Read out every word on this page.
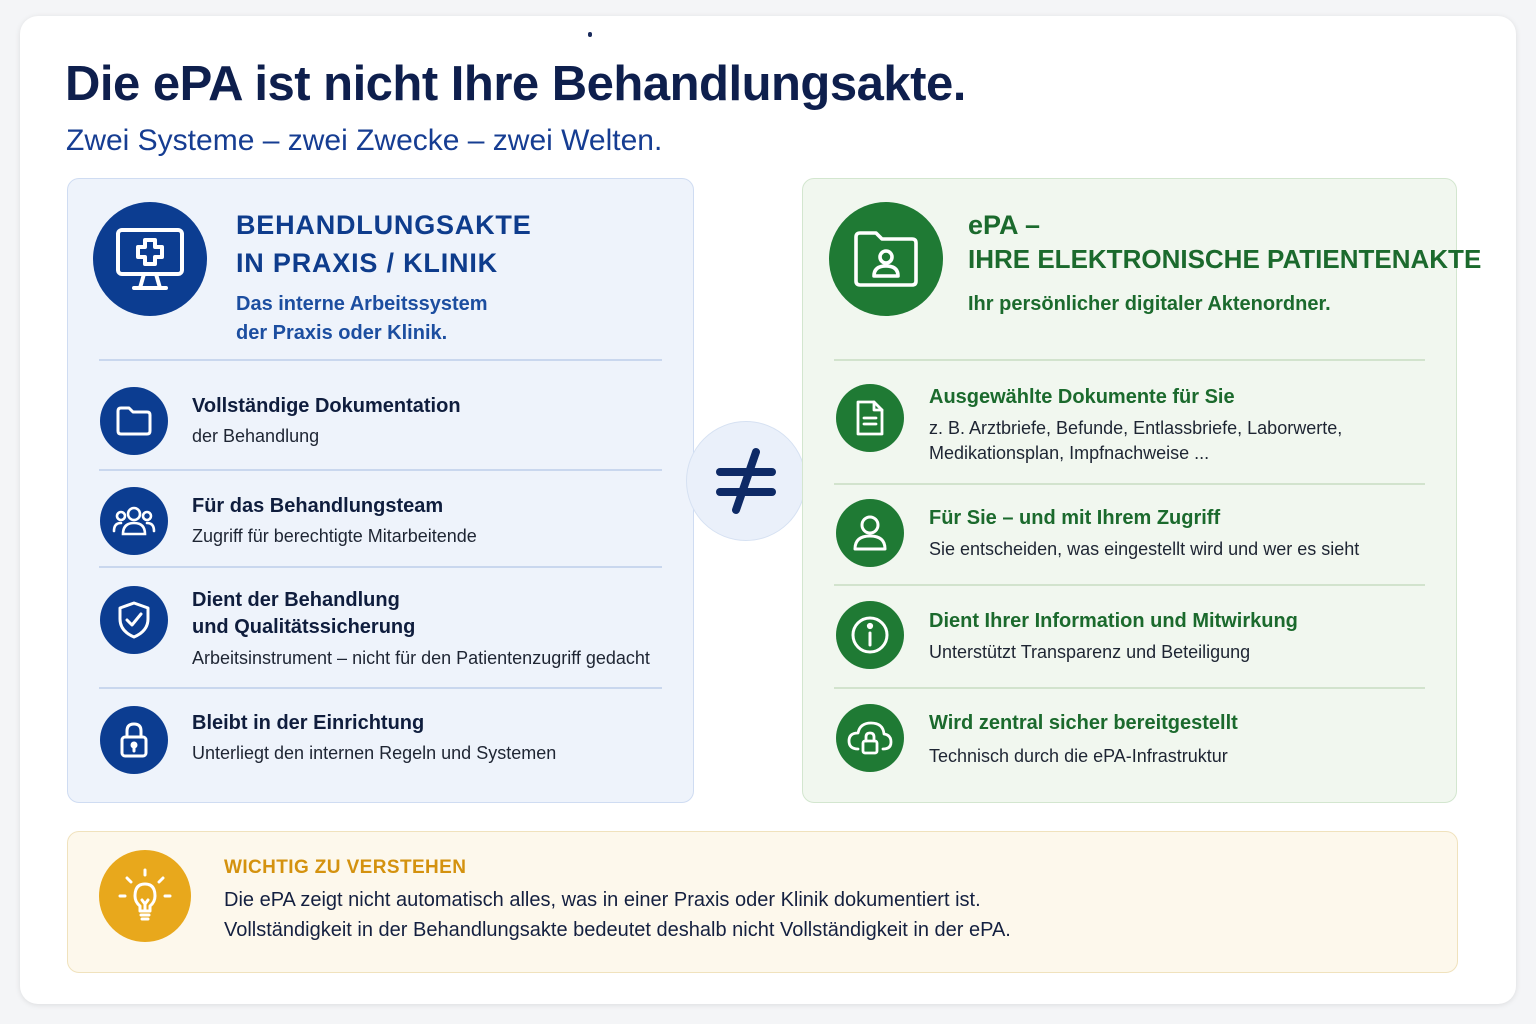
Die ePA ist nicht Ihre Behandlungsakte.
Zwei Systeme – zwei Zwecke – zwei Welten.
BEHANDLUNGSAKTE
IN PRAXIS / KLINIK
Das interne Arbeitssystem
der Praxis oder Klinik.
Vollständige Dokumentation
der Behandlung
Für das Behandlungsteam
Zugriff für berechtigte Mitarbeitende
Dient der Behandlung
und Qualitätssicherung
Arbeitsinstrument – nicht für den Patientenzugriff gedacht
Bleibt in der Einrichtung
Unterliegt den internen Regeln und Systemen
ePA –
IHRE ELEKTRONISCHE PATIENTENAKTE
Ihr persönlicher digitaler Aktenordner.
Ausgewählte Dokumente für Sie
z. B. Arztbriefe, Befunde, Entlassbriefe, Laborwerte,
Medikationsplan, Impfnachweise ...
Für Sie – und mit Ihrem Zugriff
Sie entscheiden, was eingestellt wird und wer es sieht
Dient Ihrer Information und Mitwirkung
Unterstützt Transparenz und Beteiligung
Wird zentral sicher bereitgestellt
Technisch durch die ePA-Infrastruktur
WICHTIG ZU VERSTEHEN
Die ePA zeigt nicht automatisch alles, was in einer Praxis oder Klinik dokumentiert ist.
Vollständigkeit in der Behandlungsakte bedeutet deshalb nicht Vollständigkeit in der ePA.
